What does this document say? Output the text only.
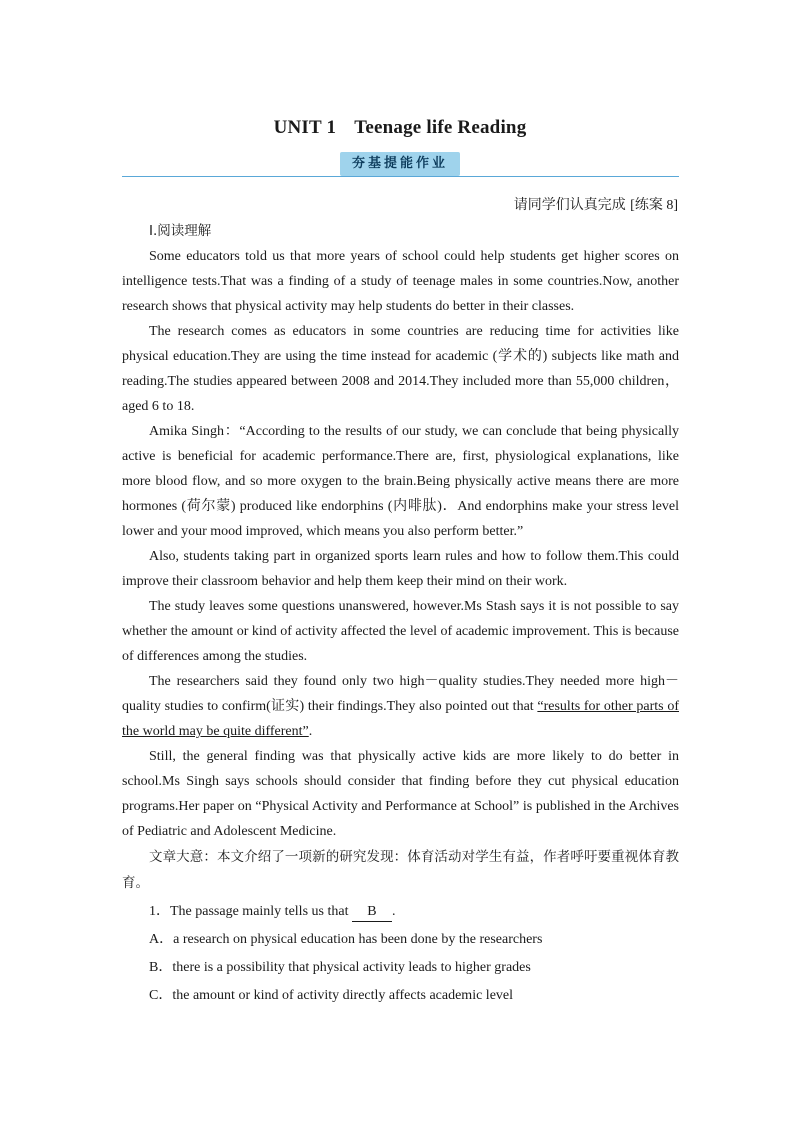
UNIT 1 Teenage life Reading
夯基提能作业
请同学们认真完成 [练案 8]

Ⅰ.阅读理解

Some educators told us that more years of school could help students get higher scores on intelligence tests.That was a finding of a study of teenage males in some countries.Now, another research shows that physical activity may help students do better in their classes.

The research comes as educators in some countries are reducing time for activities like physical education.They are using the time instead for academic (学术的) subjects like math and reading.The studies appeared between 2008 and 2014.They included more than 55,000 children，aged 6 to 18.

Amika Singh：“According to the results of our study, we can conclude that being physically active is beneficial for academic performance.There are, first, physiological explanations, like more blood flow, and so more oxygen to the brain.Being physically active means there are more hormones (荷尔蒙) produced like endorphins (内啡肽)．And endorphins make your stress level lower and your mood improved, which means you also perform better.”

Also, students taking part in organized sports learn rules and how to follow them.This could improve their classroom behavior and help them keep their mind on their work.

The study leaves some questions unanswered, however.Ms Stash says it is not possible to say whether the amount or kind of activity affected the level of academic improvement. This is because of differences among the studies.

The researchers said they found only two high－quality studies.They needed more high－quality studies to confirm(证实) their findings.They also pointed out that “results for other parts of the world may be quite different”.

Still, the general finding was that physically active kids are more likely to do better in school.Ms Singh says schools should consider that finding before they cut physical education programs.Her paper on “Physical Activity and Performance at School” is published in the Archives of Pediatric and Adolescent Medicine.

文章大意：本文介绍了一项新的研究发现：体育活动对学生有益，作者呼吁要重视体育教育。

1．The passage mainly tells us that B .

A．a research on physical education has been done by the researchers

B．there is a possibility that physical activity leads to higher grades

C．the amount or kind of activity directly affects academic level
